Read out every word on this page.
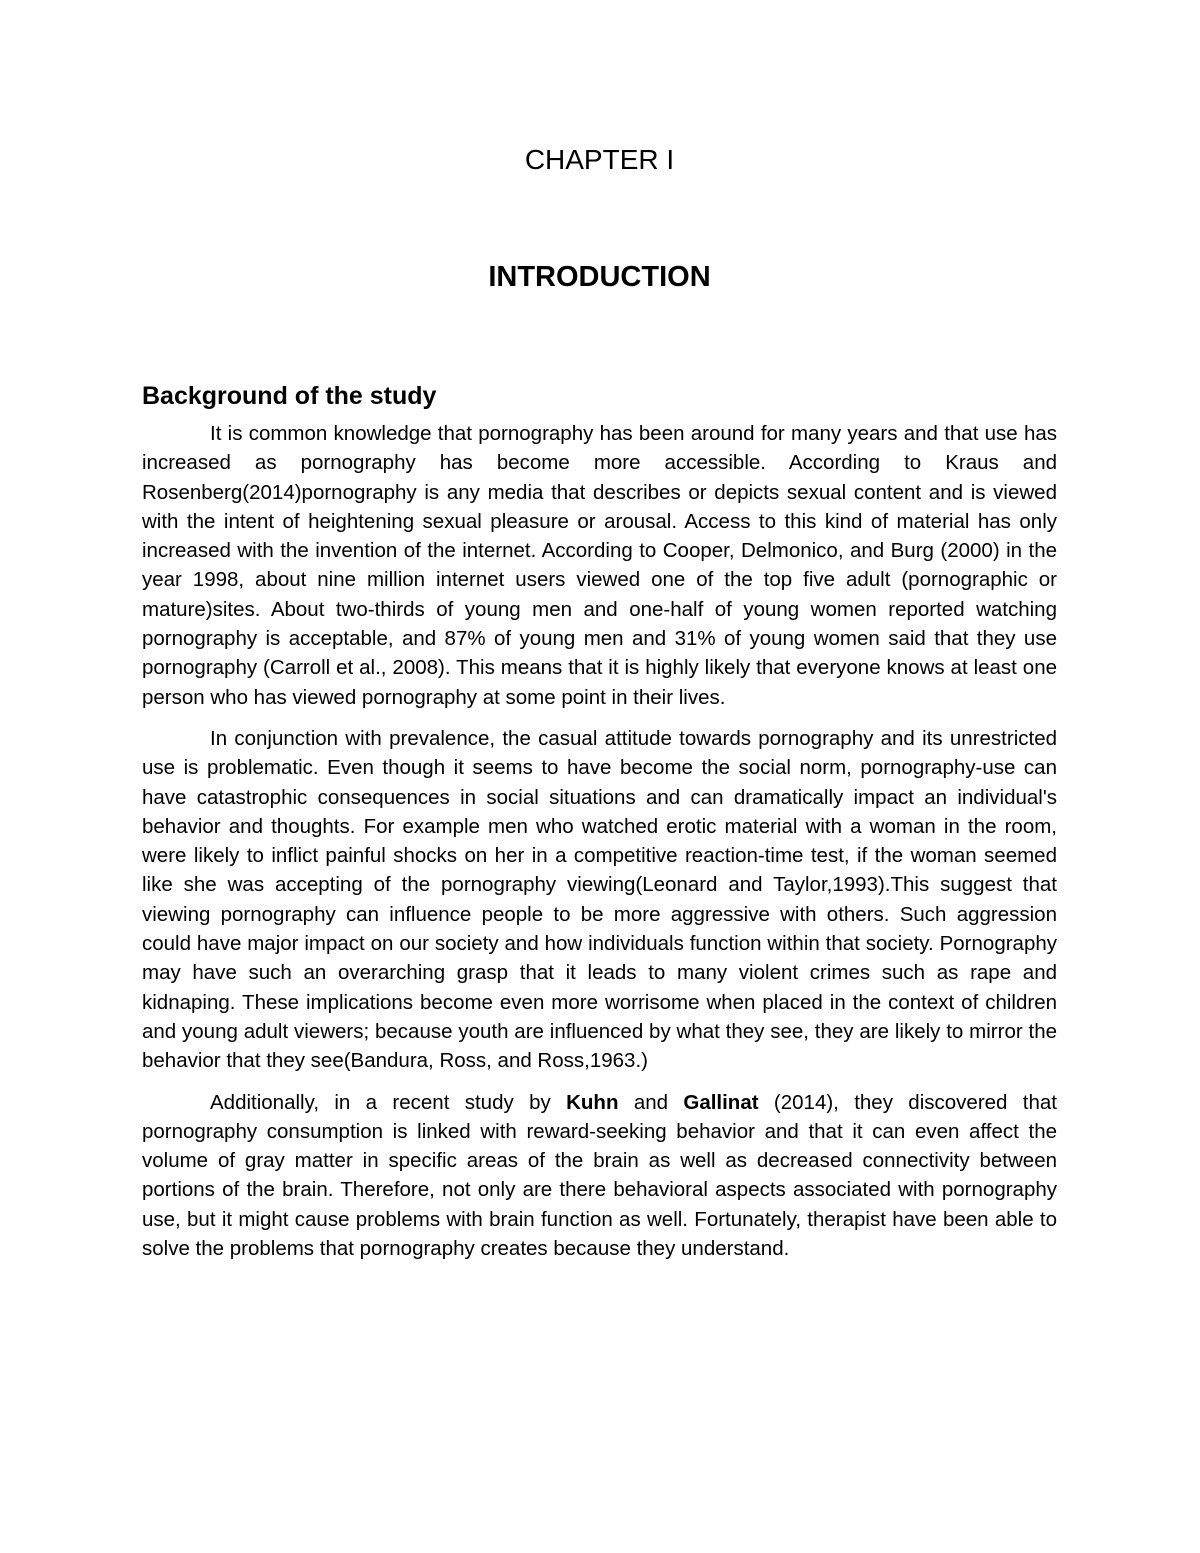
CHAPTER I
INTRODUCTION
Background of the study

It is common knowledge that pornography has been around for many years and that use has increased as pornography has become more accessible. According to Kraus and Rosenberg(2014)pornography is any media that describes or depicts sexual content and is viewed with the intent of heightening sexual pleasure or arousal. Access to this kind of material has only increased with the invention of the internet. According to Cooper, Delmonico, and Burg (2000) in the year 1998, about nine million internet users viewed one of the top five adult (pornographic or mature)sites. About two-thirds of young men and one-half of young women reported watching pornography is acceptable, and 87% of young men and 31% of young women said that they use pornography (Carroll et al., 2008). This means that it is highly likely that everyone knows at least one person who has viewed pornography at some point in their lives.

In conjunction with prevalence, the casual attitude towards pornography and its unrestricted use is problematic. Even though it seems to have become the social norm, pornography-use can have catastrophic consequences in social situations and can dramatically impact an individual's behavior and thoughts. For example men who watched erotic material with a woman in the room, were likely to inflict painful shocks on her in a competitive reaction-time test, if the woman seemed like she was accepting of the pornography viewing(Leonard and Taylor,1993).This suggest that viewing pornography can influence people to be more aggressive with others. Such aggression could have major impact on our society and how individuals function within that society. Pornography may have such an overarching grasp that it leads to many violent crimes such as rape and kidnaping. These implications become even more worrisome when placed in the context of children and young adult viewers; because youth are influenced by what they see, they are likely to mirror the behavior that they see(Bandura, Ross, and Ross,1963.)

Additionally, in a recent study by Kuhn and Gallinat (2014), they discovered that pornography consumption is linked with reward-seeking behavior and that it can even affect the volume of gray matter in specific areas of the brain as well as decreased connectivity between portions of the brain. Therefore, not only are there behavioral aspects associated with pornography use, but it might cause problems with brain function as well. Fortunately, therapist have been able to solve the problems that pornography creates because they understand.
